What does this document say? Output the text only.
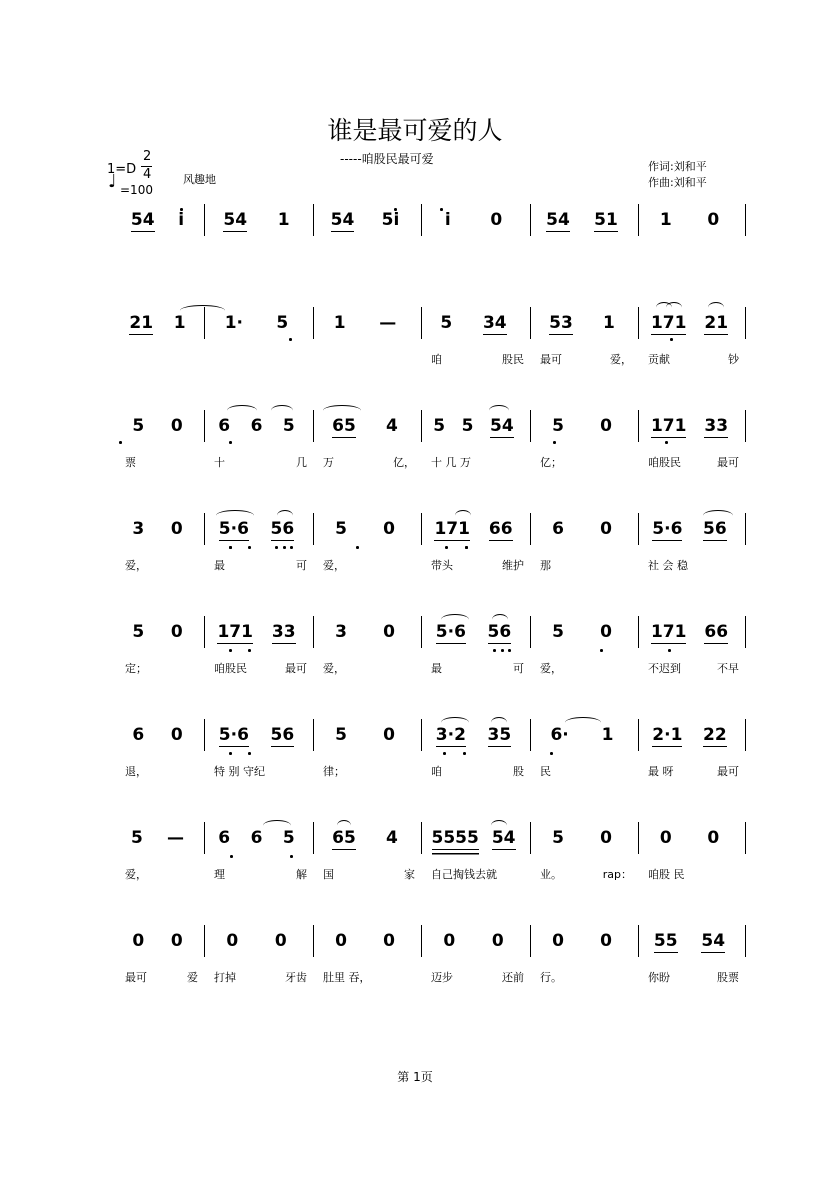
谁是最可爱的人
-----咱股民最可爱
作词:刘和平
作曲:刘和平
1=D
2
4
♩ =100
风趣地
54 i 54 1 54 5i	i 0	54 51 1 0
21 1 1· 5	1 —	5 34
咱	股民
53 1
最可	爱，
171 21
贡献	钞
5 0
票
6 6 5
十	几
65 4
万	亿，
5 5 54
十 几 万
5 0
亿；
171 33
咱股民	最可
3 0
爱，
5·6 56
最	可
5 0
爱，
171 66
带头	维护
6 0
那
5·6 56
社 会 稳
5 0
定；
171 33
咱股民	最可
3 0
爱，
5·6 56
最	可
5 0
爱，
171 66
不迟到	不早
6 0
退，
5·6 56
特 别 守纪
5 0
律；
3·2 35
咱	股
6· 1
民
2·1 22
最 呀	最可
5 —
爱，
6 6 5
理	解
65 4
国	家
5555 54
自己掏钱去就
5 0
业。	rap：
0 0
咱股 民
0 0
最可	爱
0 0
打掉	牙齿
0 0
肚里 吞，
0 0
迈步	还前
0 0
行。
55 54
你盼	股票
第 1页
